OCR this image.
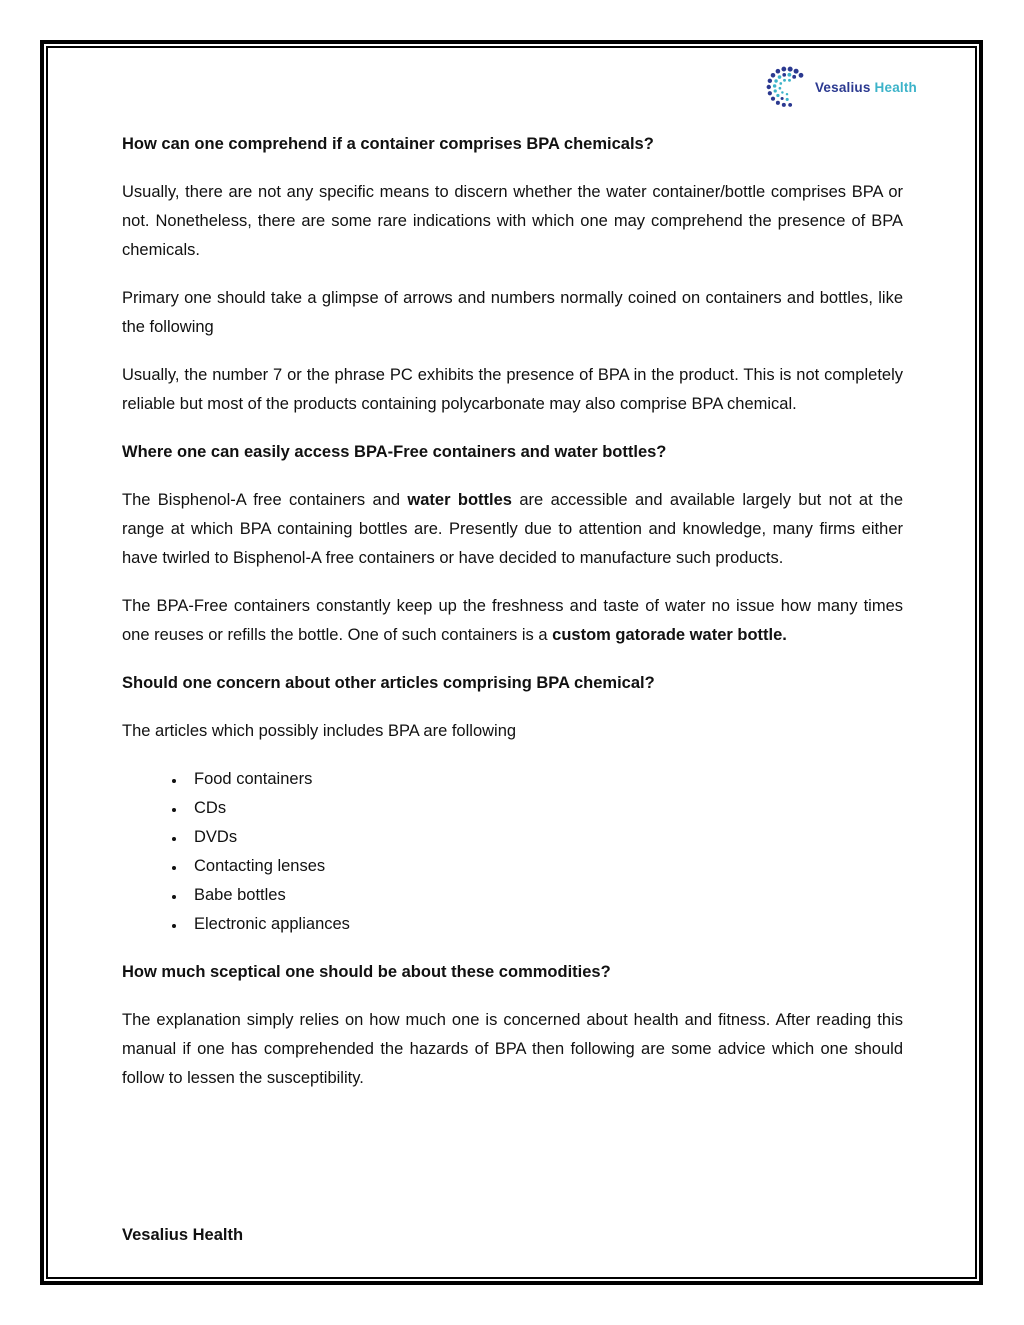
Vesalius Health
How can one comprehend if a container comprises BPA chemicals?

Usually, there are not any specific means to discern whether the water container/bottle comprises BPA or not. Nonetheless, there are some rare indications with which one may comprehend the presence of BPA chemicals.

Primary one should take a glimpse of arrows and numbers normally coined on containers and bottles, like the following

Usually, the number 7 or the phrase PC exhibits the presence of BPA in the product. This is not completely reliable but most of the products containing polycarbonate may also comprise BPA chemical.

Where one can easily access BPA-Free containers and water bottles?

The Bisphenol-A free containers and water bottles are accessible and available largely but not at the range at which BPA containing bottles are. Presently due to attention and knowledge, many firms either have twirled to Bisphenol-A free containers or have decided to manufacture such products.

The BPA-Free containers constantly keep up the freshness and taste of water no issue how many times one reuses or refills the bottle. One of such containers is a custom gatorade water bottle.

Should one concern about other articles comprising BPA chemical?

The articles which possibly includes BPA are following

• Food containers
• CDs
• DVDs
• Contacting lenses
• Babe bottles
• Electronic appliances
How much sceptical one should be about these commodities?

The explanation simply relies on how much one is concerned about health and fitness. After reading this manual if one has comprehended the hazards of BPA then following are some advice which one should follow to lessen the susceptibility.

Vesalius Health
